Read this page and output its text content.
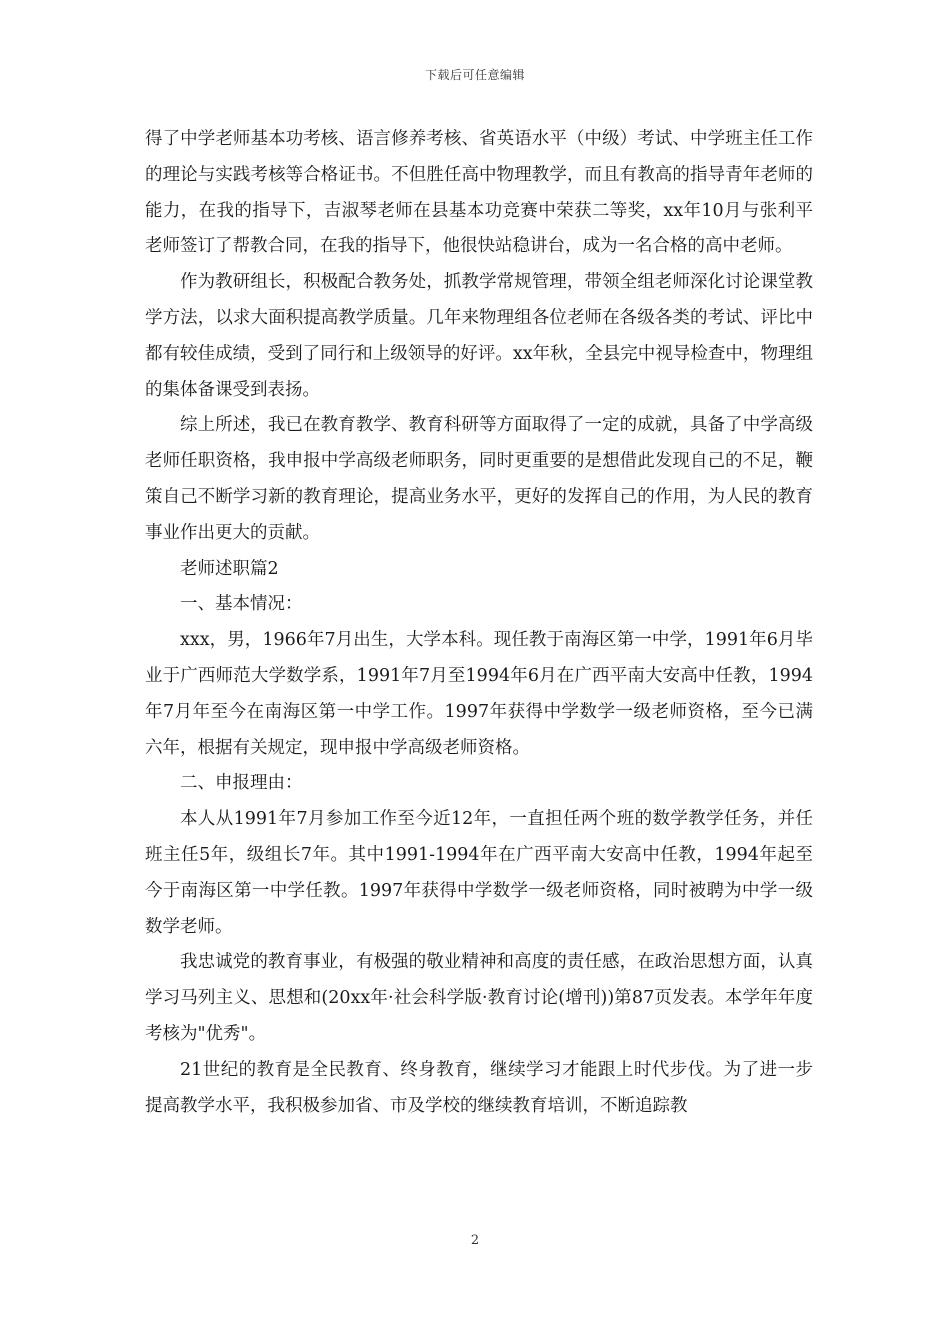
下载后可任意编辑

得了中学老师基本功考核、语言修养考核、省英语水平（中级）考试、中学班主任工作的理论与实践考核等合格证书。不但胜任高中物理教学，而且有教高的指导青年老师的能力，在我的指导下，吉淑琴老师在县基本功竞赛中荣获二等奖，xx年10月与张利平老师签订了帮教合同，在我的指导下，他很快站稳讲台，成为一名合格的高中老师。

作为教研组长，积极配合教务处，抓教学常规管理，带领全组老师深化讨论课堂教学方法，以求大面积提高教学质量。几年来物理组各位老师在各级各类的考试、评比中都有较佳成绩，受到了同行和上级领导的好评。xx年秋，全县完中视导检查中，物理组的集体备课受到表扬。

综上所述，我已在教育教学、教育科研等方面取得了一定的成就，具备了中学高级老师任职资格，我申报中学高级老师职务，同时更重要的是想借此发现自己的不足，鞭策自己不断学习新的教育理论，提高业务水平，更好的发挥自己的作用，为人民的教育事业作出更大的贡献。

老师述职篇2

一、基本情况：

xxx，男，1966年7月出生，大学本科。现任教于南海区第一中学，1991年6月毕业于广西师范大学数学系，1991年7月至1994年6月在广西平南大安高中任教，1994年7月年至今在南海区第一中学工作。1997年获得中学数学一级老师资格，至今已满六年，根据有关规定，现申报中学高级老师资格。

二、申报理由：

本人从1991年7月参加工作至今近12年，一直担任两个班的数学教学任务，并任班主任5年，级组长7年。其中1991-1994年在广西平南大安高中任教，1994年起至今于南海区第一中学任教。1997年获得中学数学一级老师资格，同时被聘为中学一级数学老师。

我忠诚党的教育事业，有极强的敬业精神和高度的责任感，在政治思想方面，认真学习马列主义、思想和(20xx年·社会科学版·教育讨论(增刊))第87页发表。本学年年度考核为"优秀"。

21世纪的教育是全民教育、终身教育，继续学习才能跟上时代步伐。为了进一步提高教学水平，我积极参加省、市及学校的继续教育培训，不断追踪教

2
